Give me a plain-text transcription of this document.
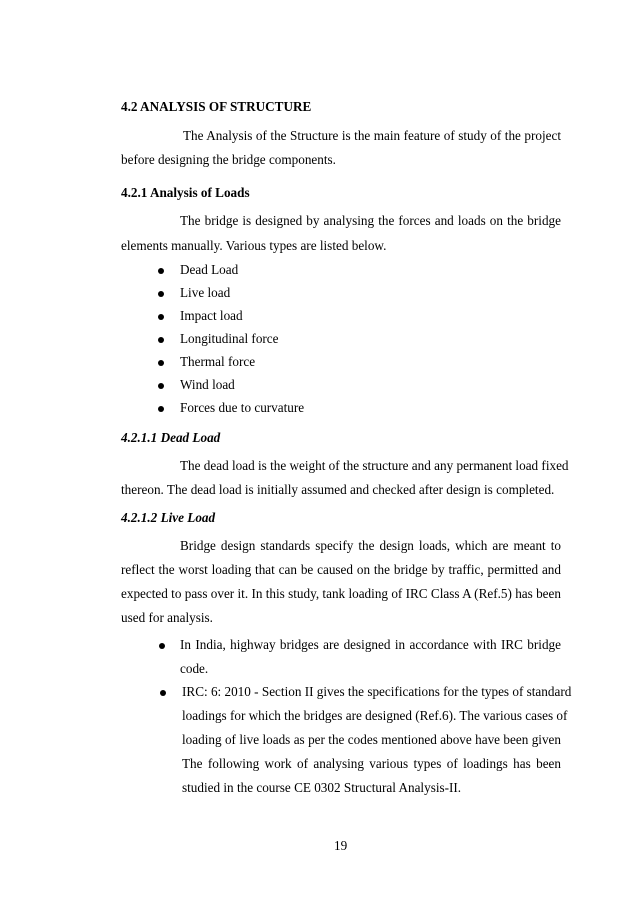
4.2 ANALYSIS OF STRUCTURE
The Analysis of the Structure is the main feature of study of the project
before designing the bridge components.
4.2.1 Analysis of Loads
The bridge is designed by analysing the forces and loads on the bridge
elements manually. Various types are listed below.
Dead Load
Live load
Impact load
Longitudinal force
Thermal force
Wind load
Forces due to curvature
4.2.1.1 Dead Load
The dead load is the weight of the structure and any permanent load fixed
thereon. The dead load is initially assumed and checked after design is completed.
4.2.1.2 Live Load
Bridge design standards specify the design loads, which are meant to
reflect the worst loading that can be caused on the bridge by traffic, permitted and
expected to pass over it. In this study, tank loading of IRC Class A (Ref.5) has been
used for analysis.
In India, highway bridges are designed in accordance with IRC bridge
code.
IRC: 6: 2010 - Section II gives the specifications for the types of standard
loadings for which the bridges are designed (Ref.6). The various cases of
loading of live loads as per the codes mentioned above have been given
The following work of analysing various types of loadings has been
studied in the course CE 0302 Structural Analysis-II.
19
